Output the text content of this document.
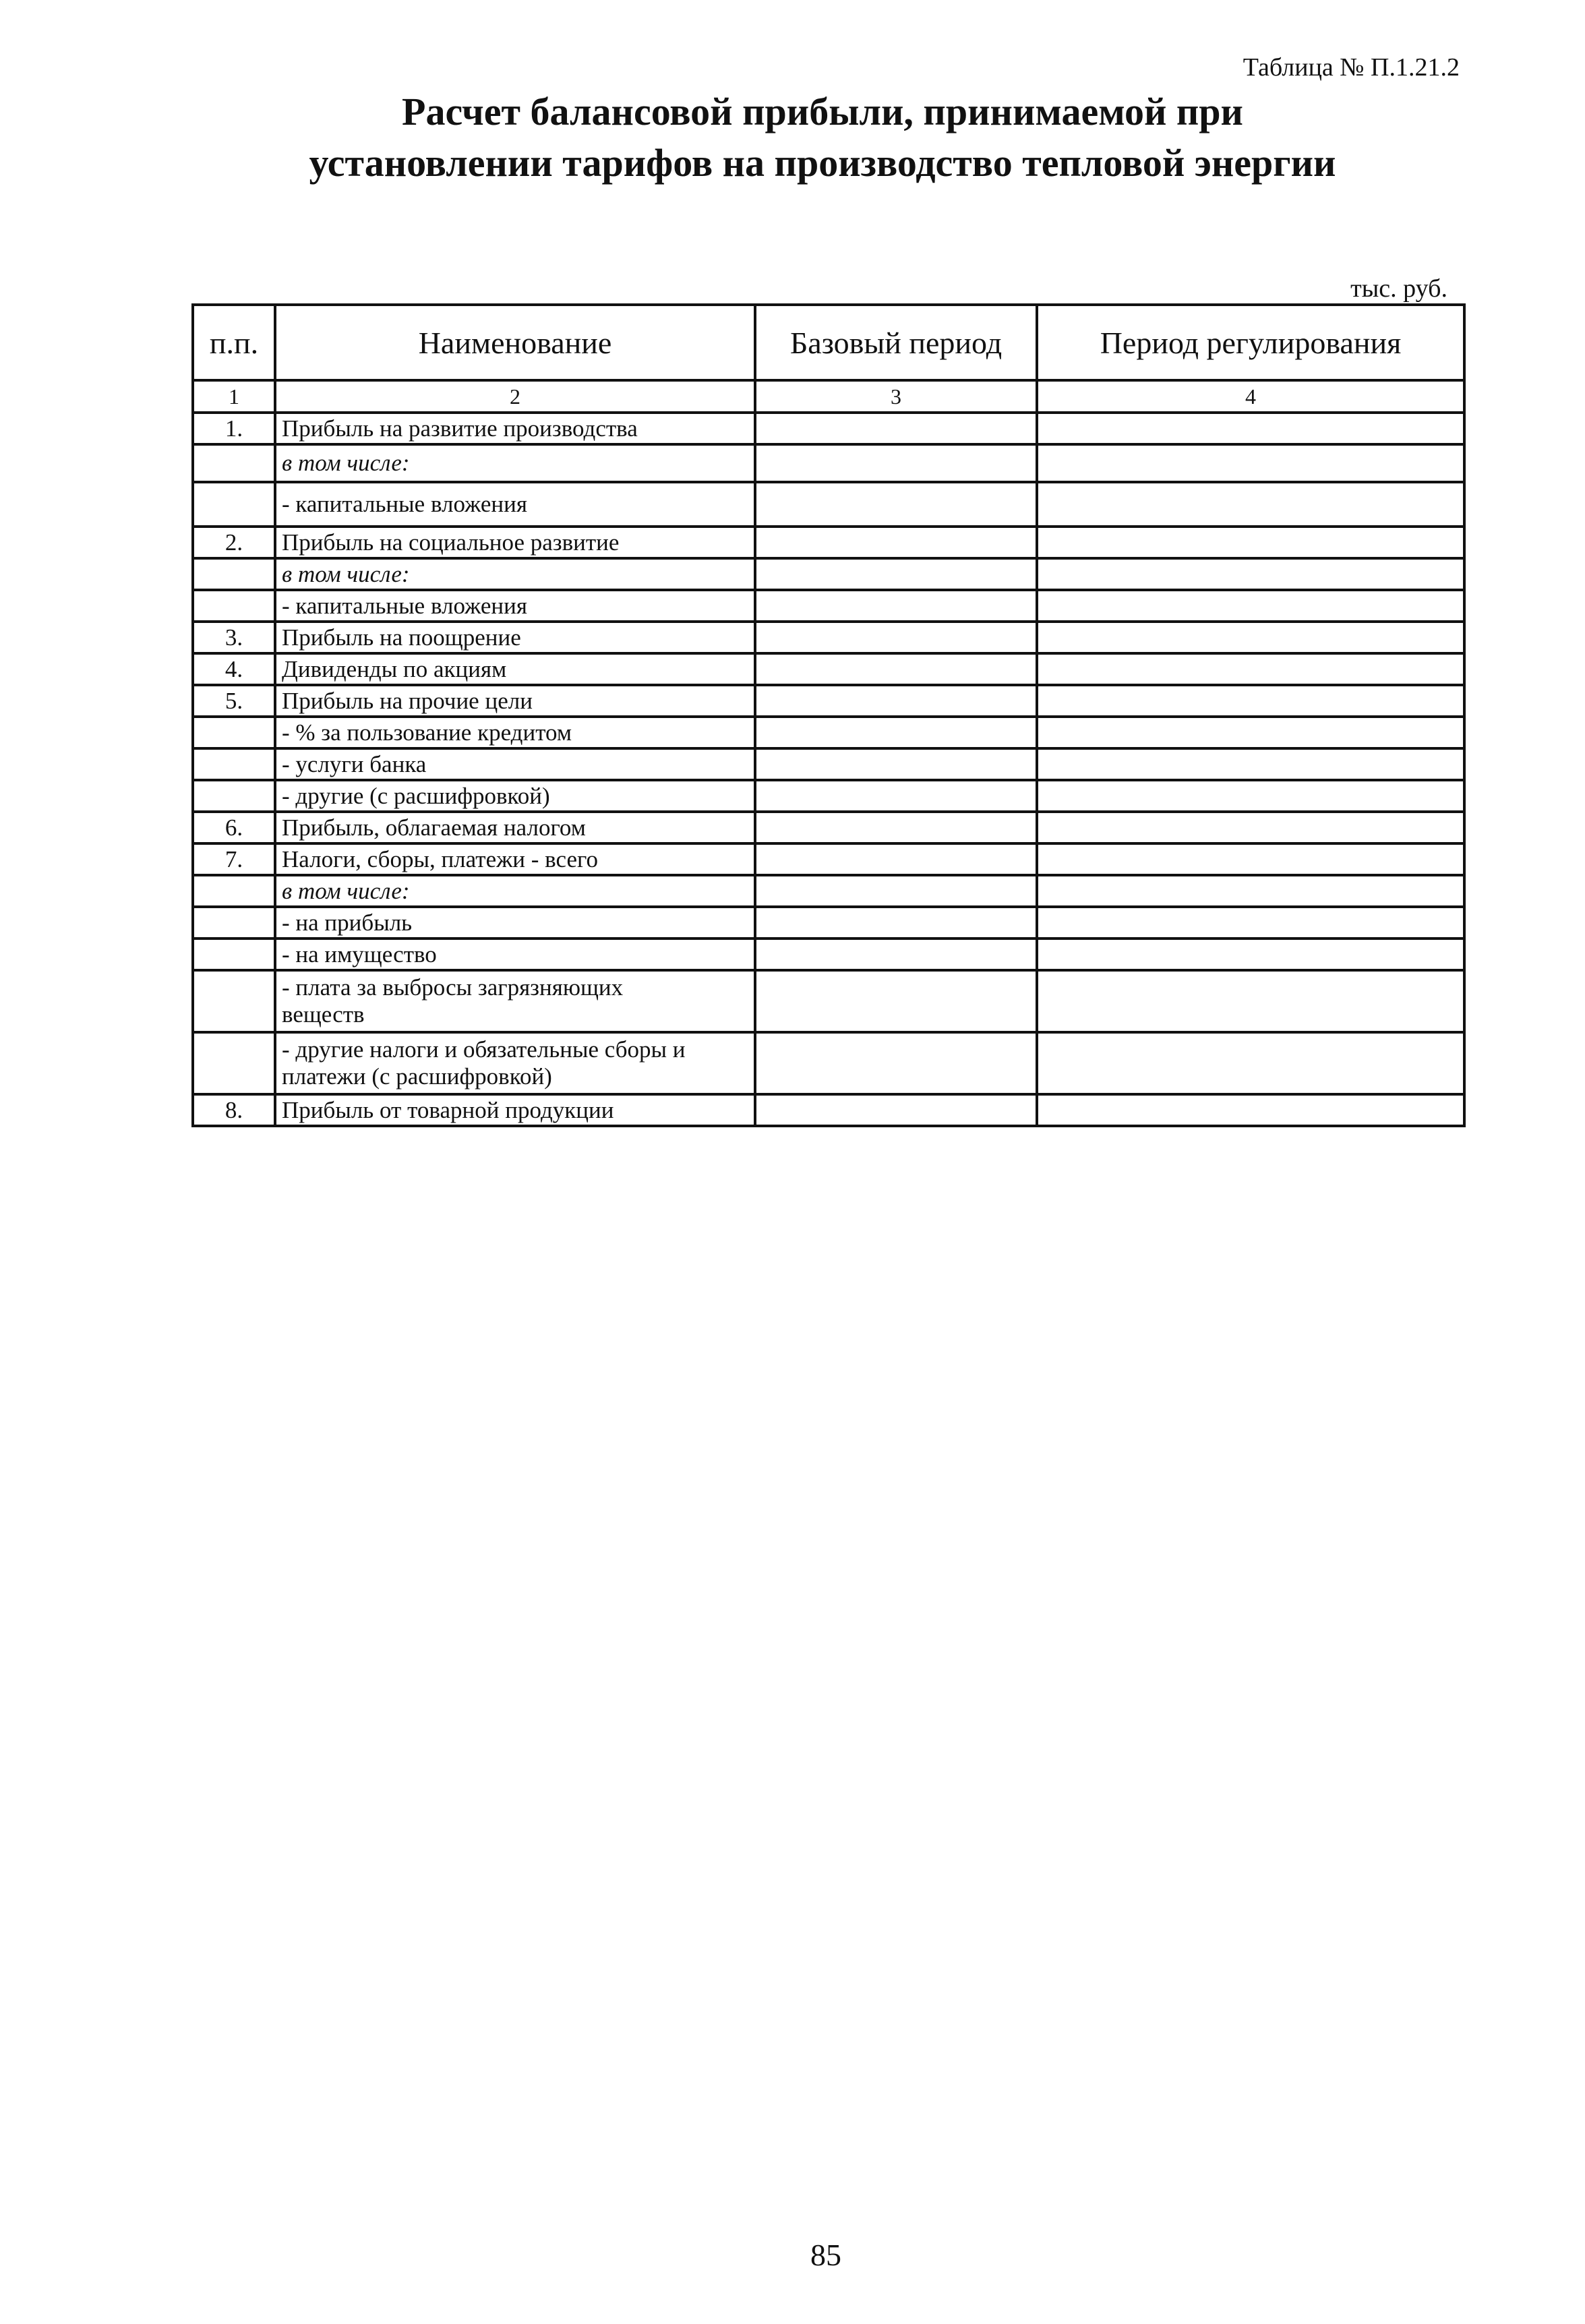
Таблица № П.1.21.2
Расчет балансовой прибыли, принимаемой при установлении тарифов на производство тепловой энергии
тыс. руб.
п.п.	Наименование	Базовый период	Период регулирования
1	2	3	4
1.	Прибыль на развитие производства		
	в том числе:		
	- капитальные вложения		
2.	Прибыль на социальное развитие		
	в том числе:		
	- капитальные вложения		
3.	Прибыль на поощрение		
4.	Дивиденды по акциям		
5.	Прибыль на прочие цели		
	- % за пользование кредитом		
	- услуги банка		
	- другие (с расшифровкой)		
6.	Прибыль, облагаемая налогом		
7.	Налоги, сборы, платежи - всего		
	в том числе:		
	- на прибыль		
	- на имущество		
	- плата за выбросы загрязняющих
веществ		
	- другие налоги и обязательные сборы и
платежи (с расшифровкой)		
8.	Прибыль от товарной продукции		
85
